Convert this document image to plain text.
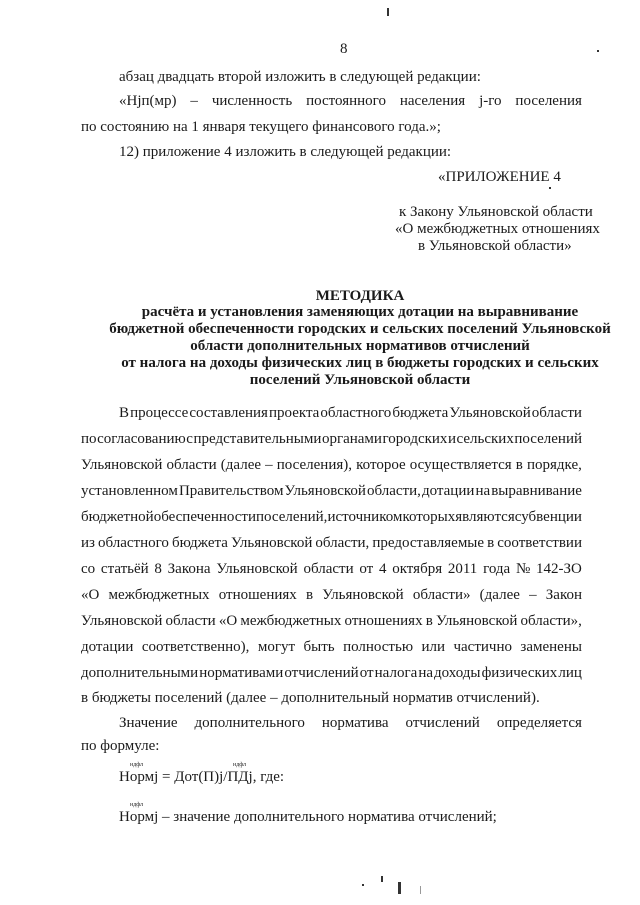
8
абзац двадцать второй изложить в следующей редакции:
«Hjп(мр) – численность постоянного населения j-го поселения
по состоянию на 1 января текущего финансового года.»;
12) приложение 4 изложить в следующей редакции:
«ПРИЛОЖЕНИЕ 4
к Закону Ульяновской области
«О межбюджетных отношениях
в Ульяновской области»
МЕТОДИКА
расчёта и установления заменяющих дотации на выравнивание
бюджетной обеспеченности городских и сельских поселений Ульяновской
области дополнительных нормативов отчислений
от налога на доходы физических лиц в бюджеты городских и сельских
поселений Ульяновской области
В процессе составления проекта областного бюджета Ульяновской области
по согласованию с представительными органами городских и сельских поселений
Ульяновской области (далее – поселения), которое осуществляется в порядке,
установленном Правительством Ульяновской области, дотации на выравнивание
бюджетной обеспеченности поселений, источником которых являются субвенции
из областного бюджета Ульяновской области, предоставляемые в соответствии
со статьёй 8 Закона Ульяновской области от 4 октября 2011 года № 142-ЗО
«О межбюджетных отношениях в Ульяновской области» (далее – Закон
Ульяновской области «О межбюджетных отношениях в Ульяновской области»,
дотации соответственно), могут быть полностью или частично заменены
дополнительными нормативами отчислений от налога на доходы физических лиц
в бюджеты поселений (далее – дополнительный норматив отчислений).
Значение дополнительного норматива отчислений определяется
по формуле:
ндфл	ндфл
Нормj = Дот(П)j/ПДj, где:
ндфл
Нормj – значение дополнительного норматива отчислений;
